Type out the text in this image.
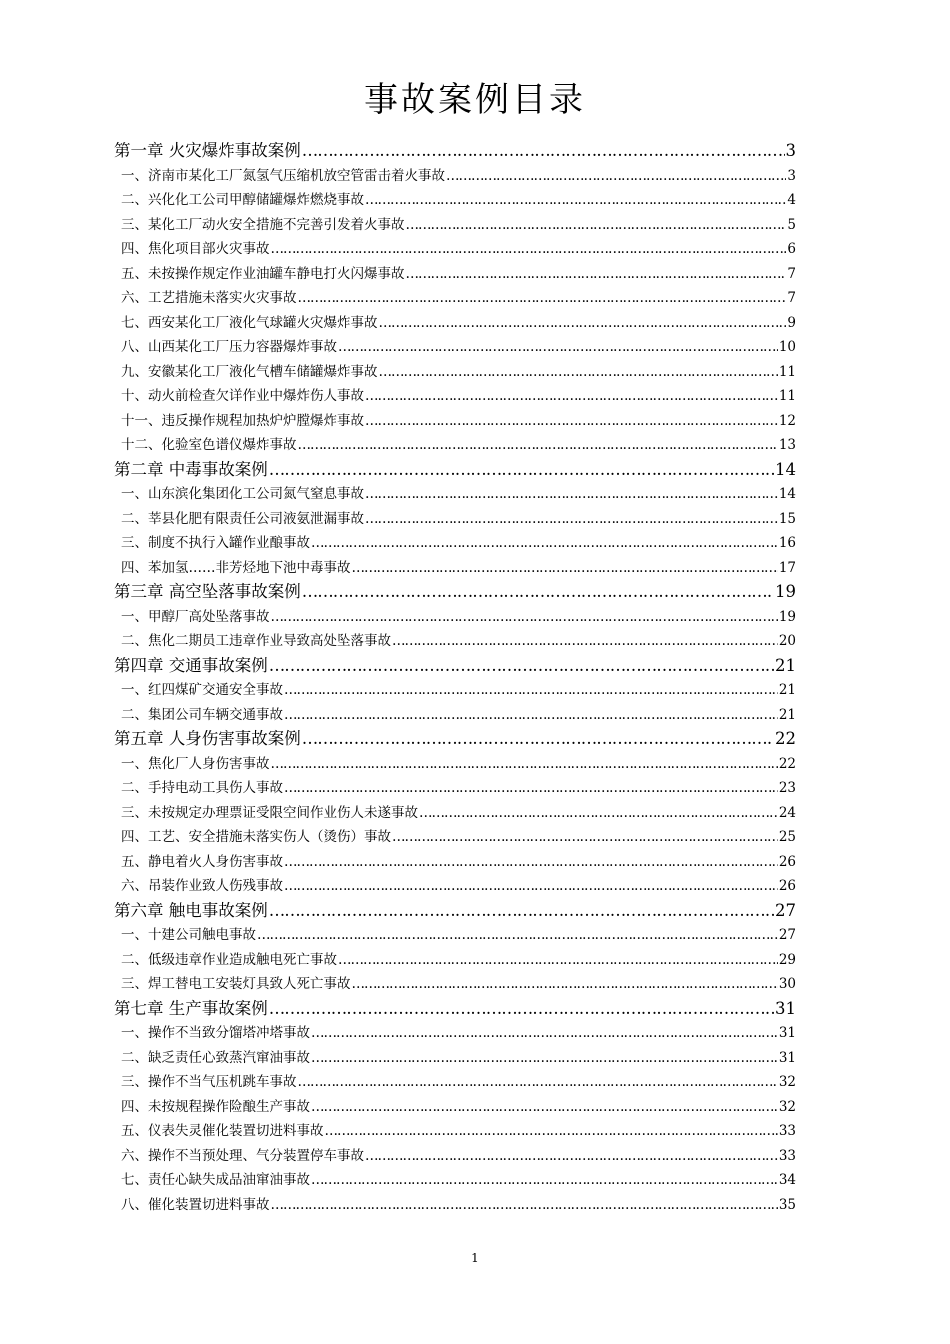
事故案例目录
第一章 火灾爆炸事故案例 ……………………………………………………………………………………………………………………………………………………………………………………	3
一、济南市某化工厂氮氢气压缩机放空管雷击着火事故 ……………………………………………………………………………………………………………………………………………………………………………………	3
二、兴化化工公司甲醇储罐爆炸燃烧事故 ……………………………………………………………………………………………………………………………………………………………………………………	4
三、某化工厂动火安全措施不完善引发着火事故 ……………………………………………………………………………………………………………………………………………………………………………………	5
四、焦化项目部火灾事故 ……………………………………………………………………………………………………………………………………………………………………………………	6
五、未按操作规定作业油罐车静电打火闪爆事故 ……………………………………………………………………………………………………………………………………………………………………………………	7
六、工艺措施未落实火灾事故 ……………………………………………………………………………………………………………………………………………………………………………………	7
七、西安某化工厂液化气球罐火灾爆炸事故 ……………………………………………………………………………………………………………………………………………………………………………………	9
八、山西某化工厂压力容器爆炸事故 ……………………………………………………………………………………………………………………………………………………………………………………	10
九、安徽某化工厂液化气槽车储罐爆炸事故 ……………………………………………………………………………………………………………………………………………………………………………………	11
十、动火前检查欠详作业中爆炸伤人事故 ……………………………………………………………………………………………………………………………………………………………………………………	11
十一、违反操作规程加热炉炉膛爆炸事故 ……………………………………………………………………………………………………………………………………………………………………………………	12
十二、化验室色谱仪爆炸事故 ……………………………………………………………………………………………………………………………………………………………………………………	13
第二章 中毒事故案例 ……………………………………………………………………………………………………………………………………………………………………………………	14
一、山东滨化集团化工公司氮气窒息事故 ……………………………………………………………………………………………………………………………………………………………………………………	14
二、莘县化肥有限责任公司液氨泄漏事故 ……………………………………………………………………………………………………………………………………………………………………………………	15
三、制度不执行入罐作业酿事故 ……………………………………………………………………………………………………………………………………………………………………………………	16
四、苯加氢……非芳烃地下池中毒事故 ……………………………………………………………………………………………………………………………………………………………………………………	17
第三章 高空坠落事故案例 ……………………………………………………………………………………………………………………………………………………………………………………	19
一、甲醇厂高处坠落事故 ……………………………………………………………………………………………………………………………………………………………………………………	19
二、焦化二期员工违章作业导致高处坠落事故 ……………………………………………………………………………………………………………………………………………………………………………………	20
第四章 交通事故案例 ……………………………………………………………………………………………………………………………………………………………………………………	21
一、红四煤矿交通安全事故 ……………………………………………………………………………………………………………………………………………………………………………………	21
二、集团公司车辆交通事故 ……………………………………………………………………………………………………………………………………………………………………………………	21
第五章 人身伤害事故案例 ……………………………………………………………………………………………………………………………………………………………………………………	22
一、焦化厂人身伤害事故 ……………………………………………………………………………………………………………………………………………………………………………………	22
二、手持电动工具伤人事故 ……………………………………………………………………………………………………………………………………………………………………………………	23
三、未按规定办理票证受限空间作业伤人未遂事故 ……………………………………………………………………………………………………………………………………………………………………………………	24
四、工艺、安全措施未落实伤人（烫伤）事故 ……………………………………………………………………………………………………………………………………………………………………………………	25
五、静电着火人身伤害事故 ……………………………………………………………………………………………………………………………………………………………………………………	26
六、吊装作业致人伤残事故 ……………………………………………………………………………………………………………………………………………………………………………………	26
第六章 触电事故案例 ……………………………………………………………………………………………………………………………………………………………………………………	27
一、十建公司触电事故 ……………………………………………………………………………………………………………………………………………………………………………………	27
二、低级违章作业造成触电死亡事故 ……………………………………………………………………………………………………………………………………………………………………………………	29
三、焊工替电工安装灯具致人死亡事故 ……………………………………………………………………………………………………………………………………………………………………………………	30
第七章 生产事故案例 ……………………………………………………………………………………………………………………………………………………………………………………	31
一、操作不当致分馏塔冲塔事故 ……………………………………………………………………………………………………………………………………………………………………………………	31
二、缺乏责任心致蒸汽窜油事故 ……………………………………………………………………………………………………………………………………………………………………………………	31
三、操作不当气压机跳车事故 ……………………………………………………………………………………………………………………………………………………………………………………	32
四、未按规程操作险酿生产事故 ……………………………………………………………………………………………………………………………………………………………………………………	32
五、仪表失灵催化装置切进料事故 ……………………………………………………………………………………………………………………………………………………………………………………	33
六、操作不当预处理、气分装置停车事故 ……………………………………………………………………………………………………………………………………………………………………………………	33
七、责任心缺失成品油窜油事故 ……………………………………………………………………………………………………………………………………………………………………………………	34
八、催化装置切进料事故 ……………………………………………………………………………………………………………………………………………………………………………………	35
1
